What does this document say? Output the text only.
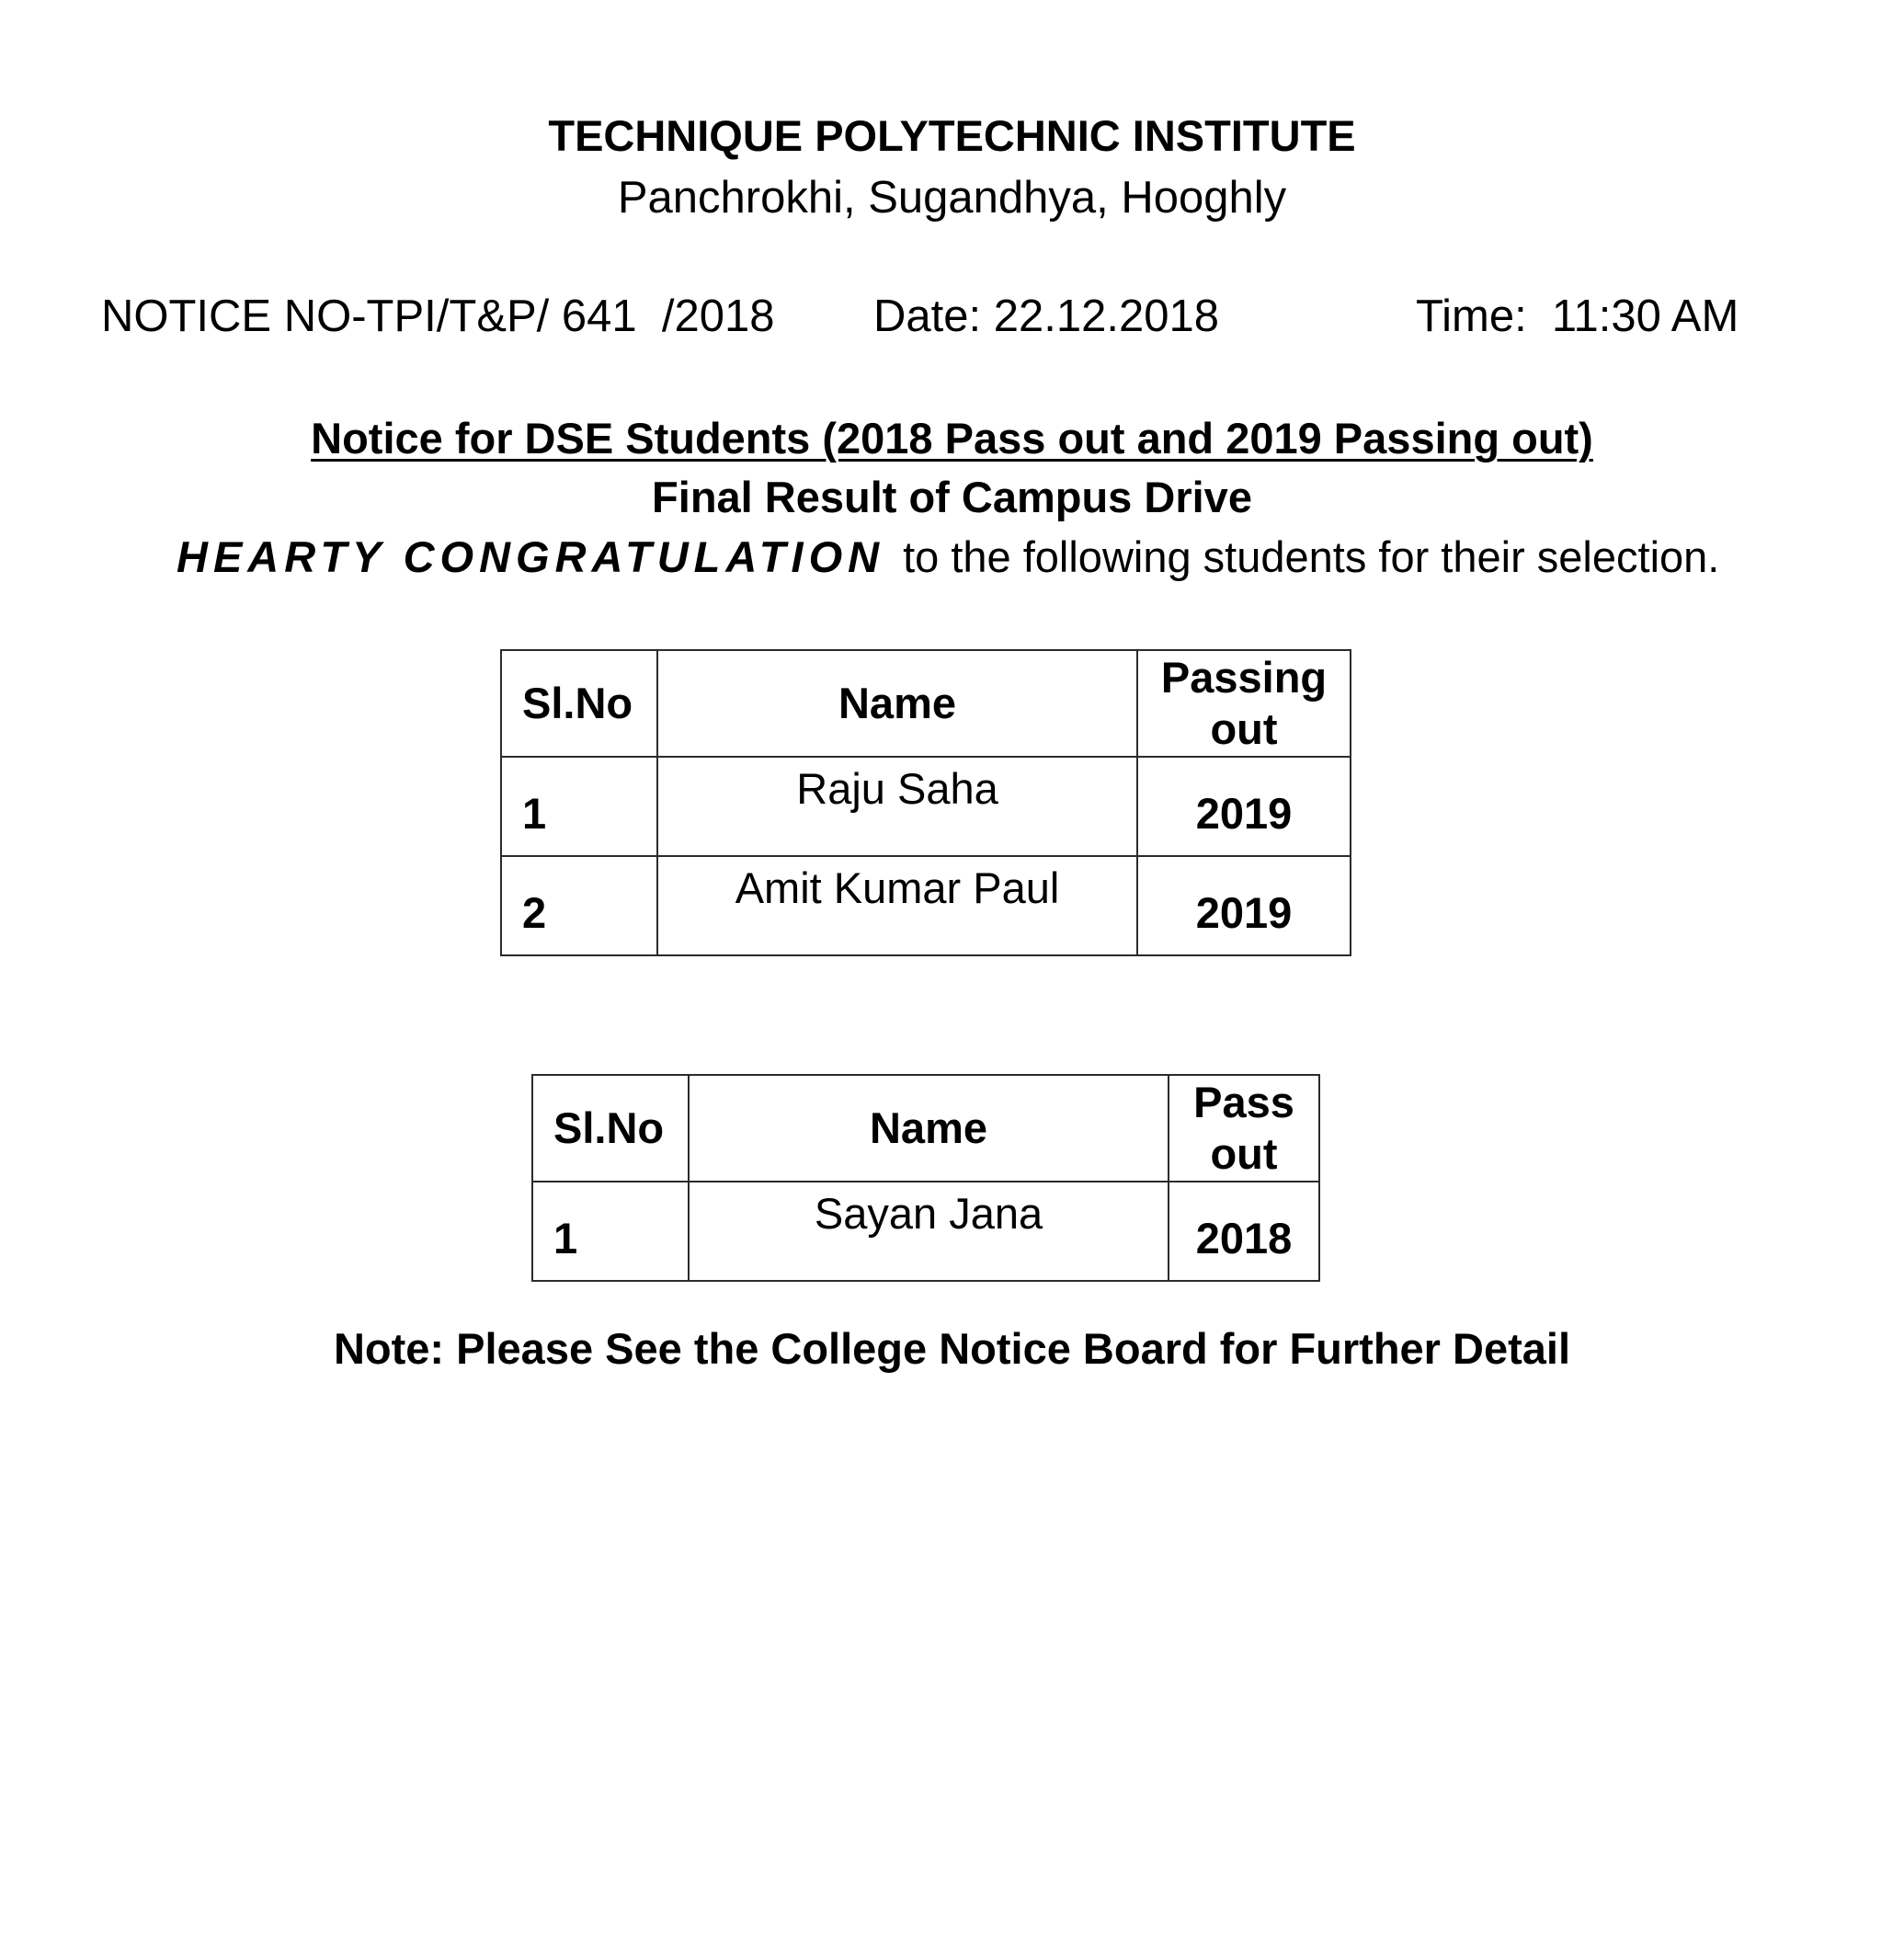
TECHNIQUE POLYTECHNIC INSTITUTE
Panchrokhi, Sugandhya, Hooghly
NOTICE NO-TPI/T&P/ 641  /2018 Date: 22.12.2018	Time:  11:30 AM
Notice for DSE Students (2018 Pass out and 2019 Passing out)
Final Result of Campus Drive
HEARTY CONGRATULATION to the following students for their selection.
Sl.No	Name	Passing
out
1	Raju Saha	2019
2	Amit Kumar Paul	2019
Sl.No	Name	Pass
out
1	Sayan Jana	2018
Note: Please See the College Notice Board for Further Detail
